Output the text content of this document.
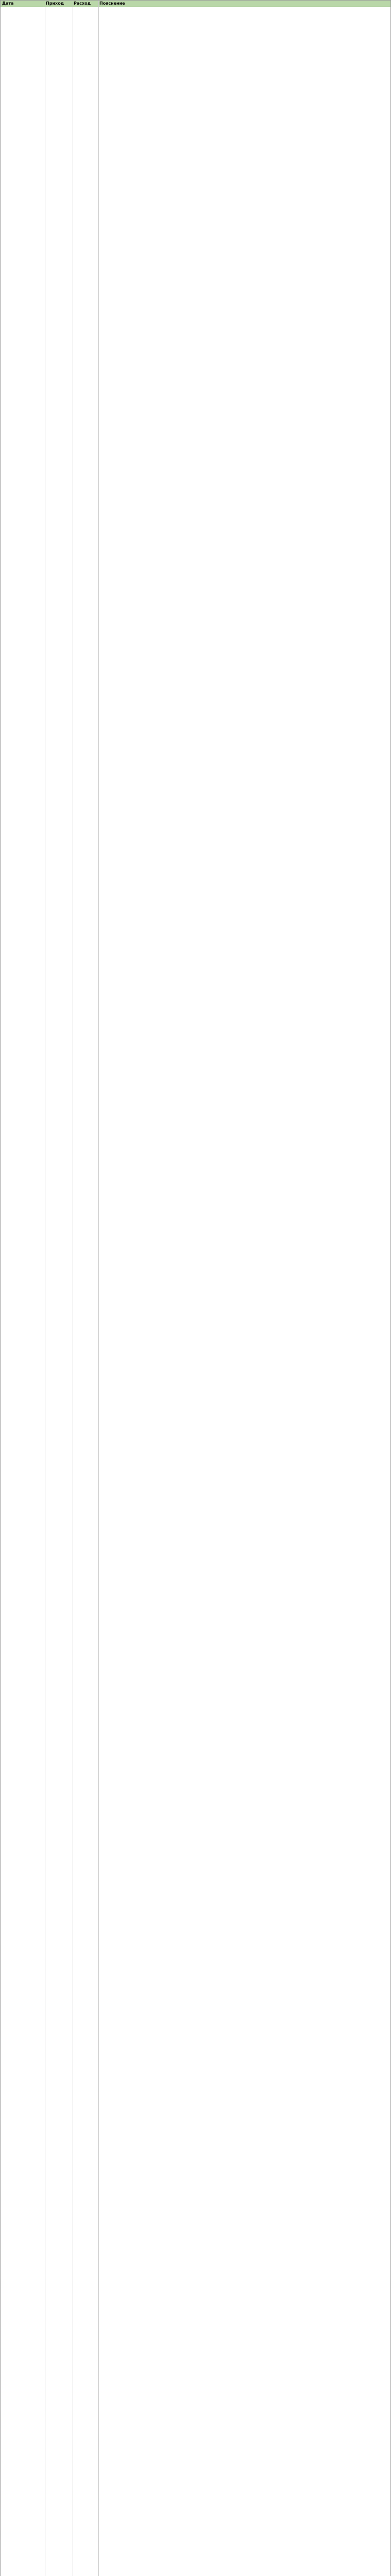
Дата	Приход Расход Пояснение
